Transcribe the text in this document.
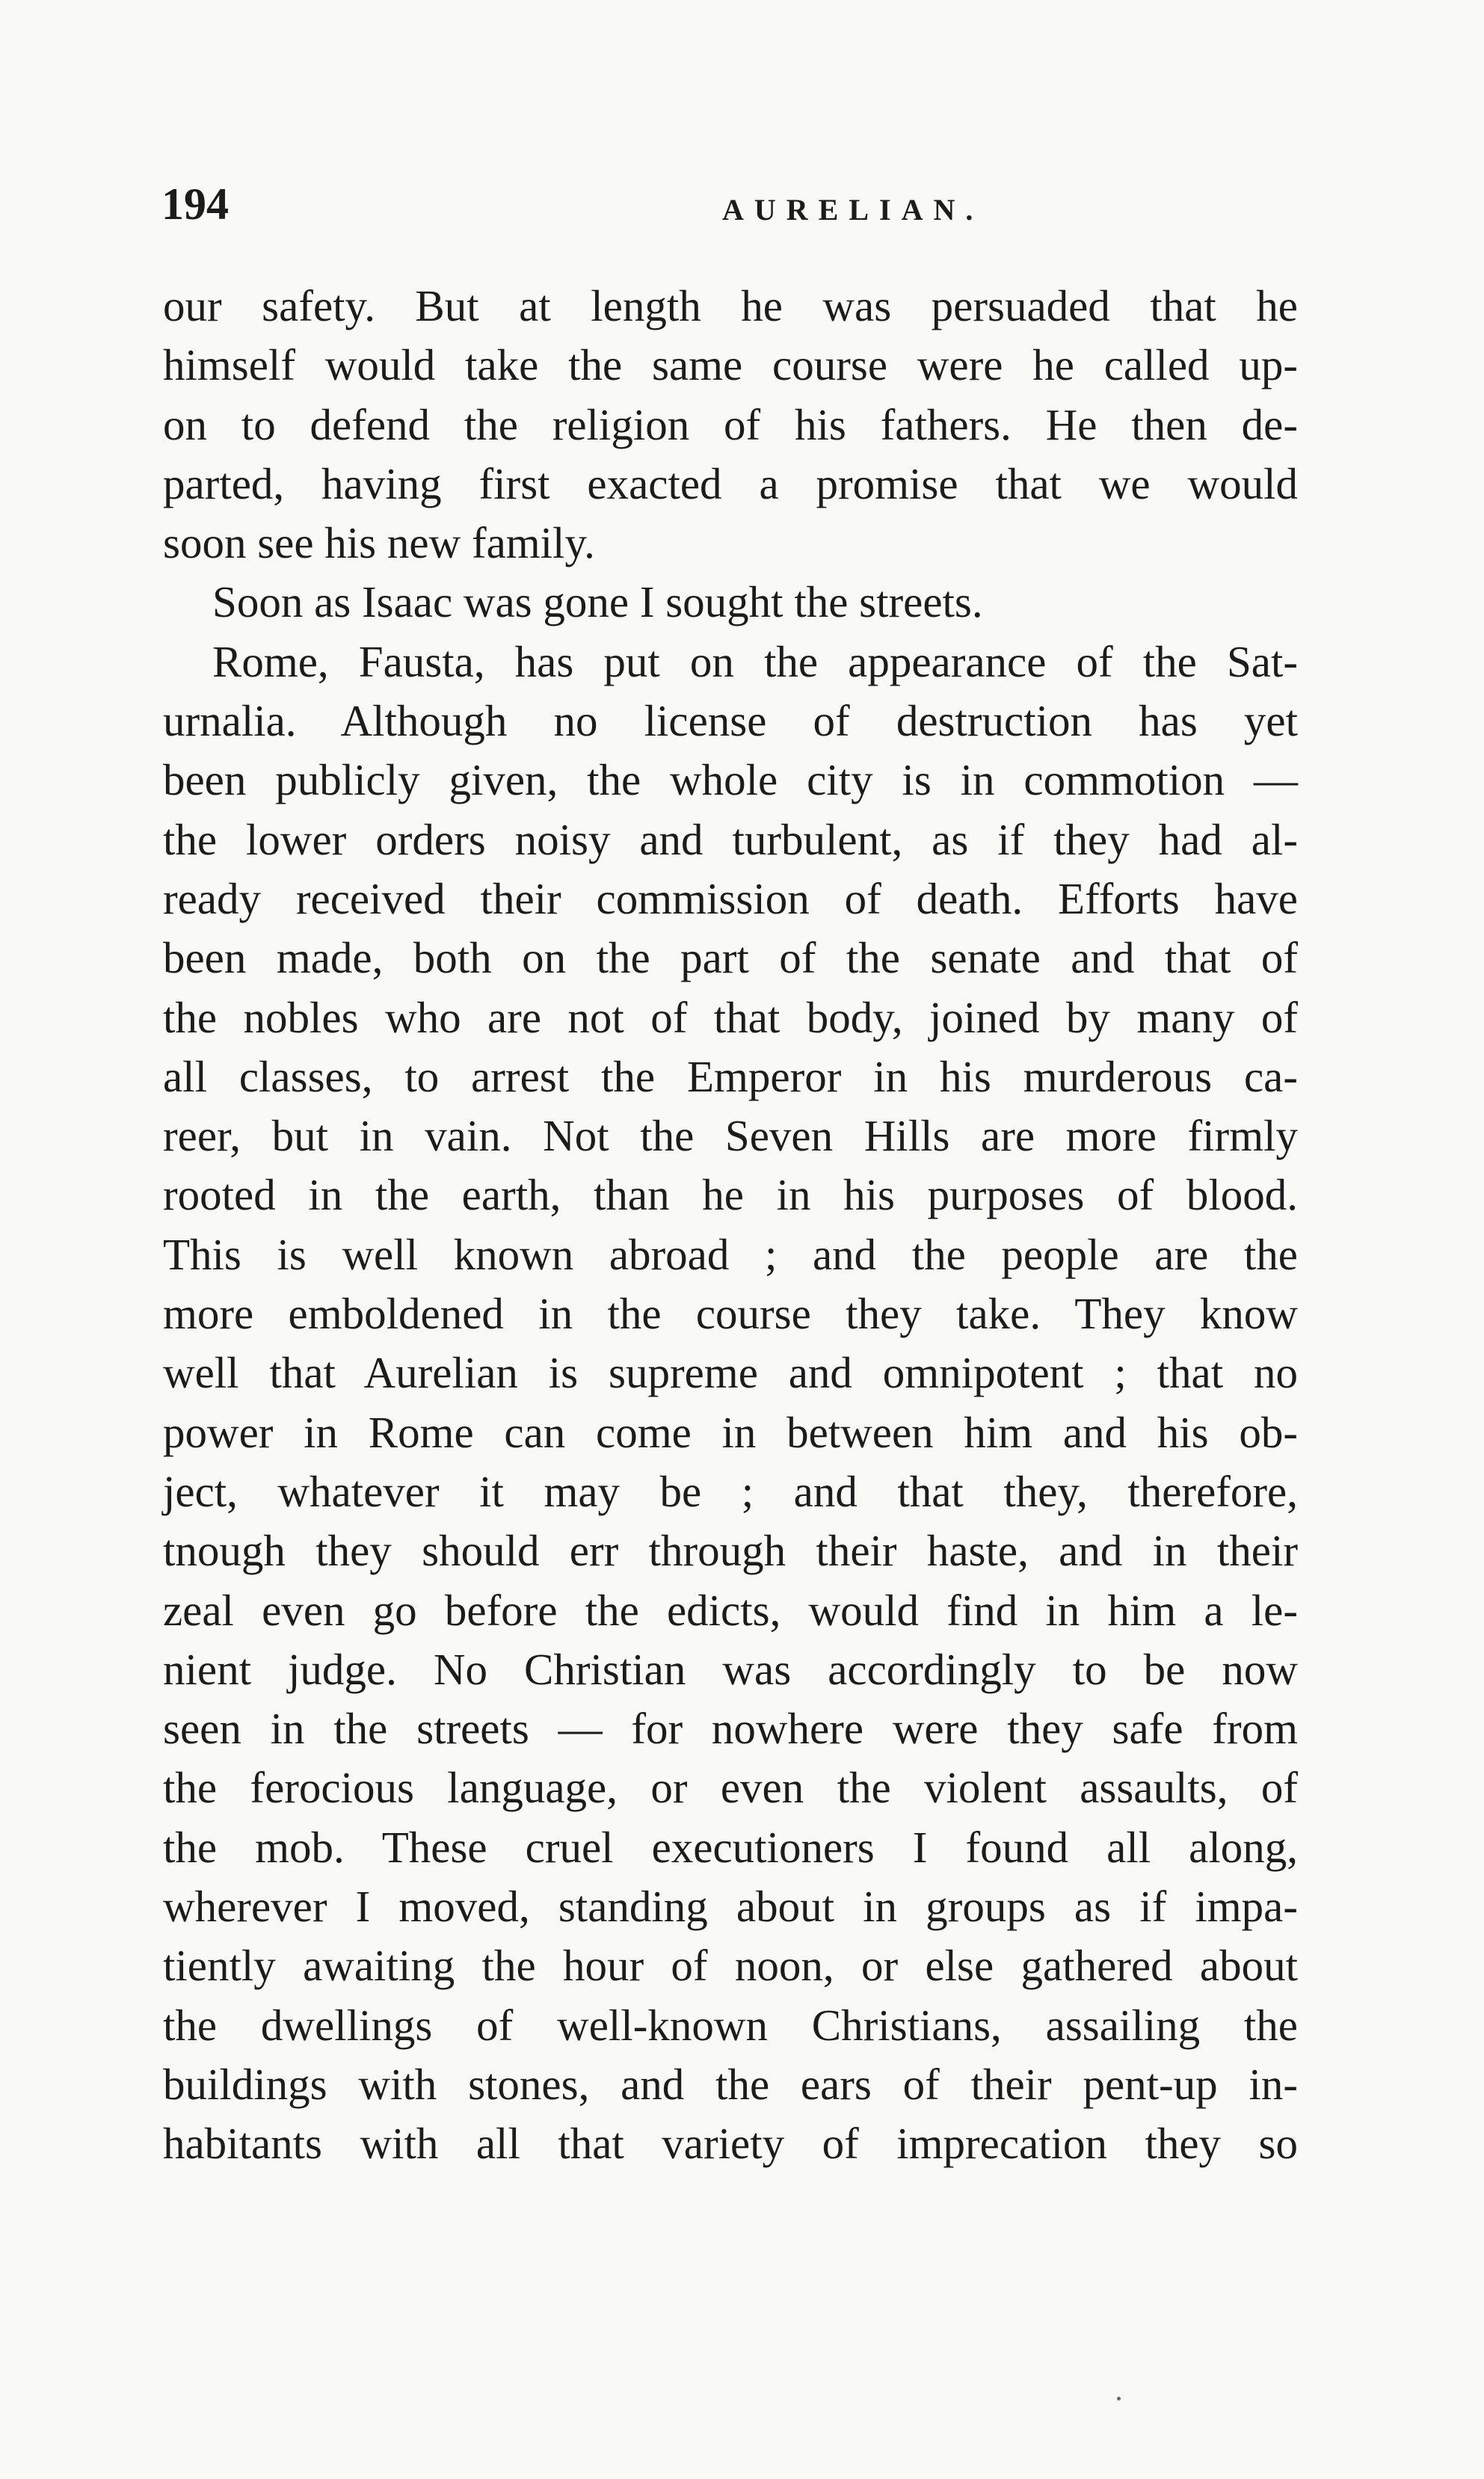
194	AURELIAN.
our safety. But at length he was persuaded that he
himself would take the same course were he called up-
on to defend the religion of his fathers. He then de-
parted, having first exacted a promise that we would
soon see his new family.
Soon as Isaac was gone I sought the streets.
Rome, Fausta, has put on the appearance of the Sat-
urnalia. Although no license of destruction has yet
been publicly given, the whole city is in commotion —
the lower orders noisy and turbulent, as if they had al-
ready received their commission of death. Efforts have
been made, both on the part of the senate and that of
the nobles who are not of that body, joined by many of
all classes, to arrest the Emperor in his murderous ca-
reer, but in vain. Not the Seven Hills are more firmly
rooted in the earth, than he in his purposes of blood.
This is well known abroad ; and the people are the
more emboldened in the course they take. They know
well that Aurelian is supreme and omnipotent ; that no
power in Rome can come in between him and his ob-
ject, whatever it may be ; and that they, therefore,
tnough they should err through their haste, and in their
zeal even go before the edicts, would find in him a le-
nient judge. No Christian was accordingly to be now
seen in the streets — for nowhere were they safe from
the ferocious language, or even the violent assaults, of
the mob. These cruel executioners I found all along,
wherever I moved, standing about in groups as if impa-
tiently awaiting the hour of noon, or else gathered about
the dwellings of well-known Christians, assailing the
buildings with stones, and the ears of their pent-up in-
habitants with all that variety of imprecation they so
